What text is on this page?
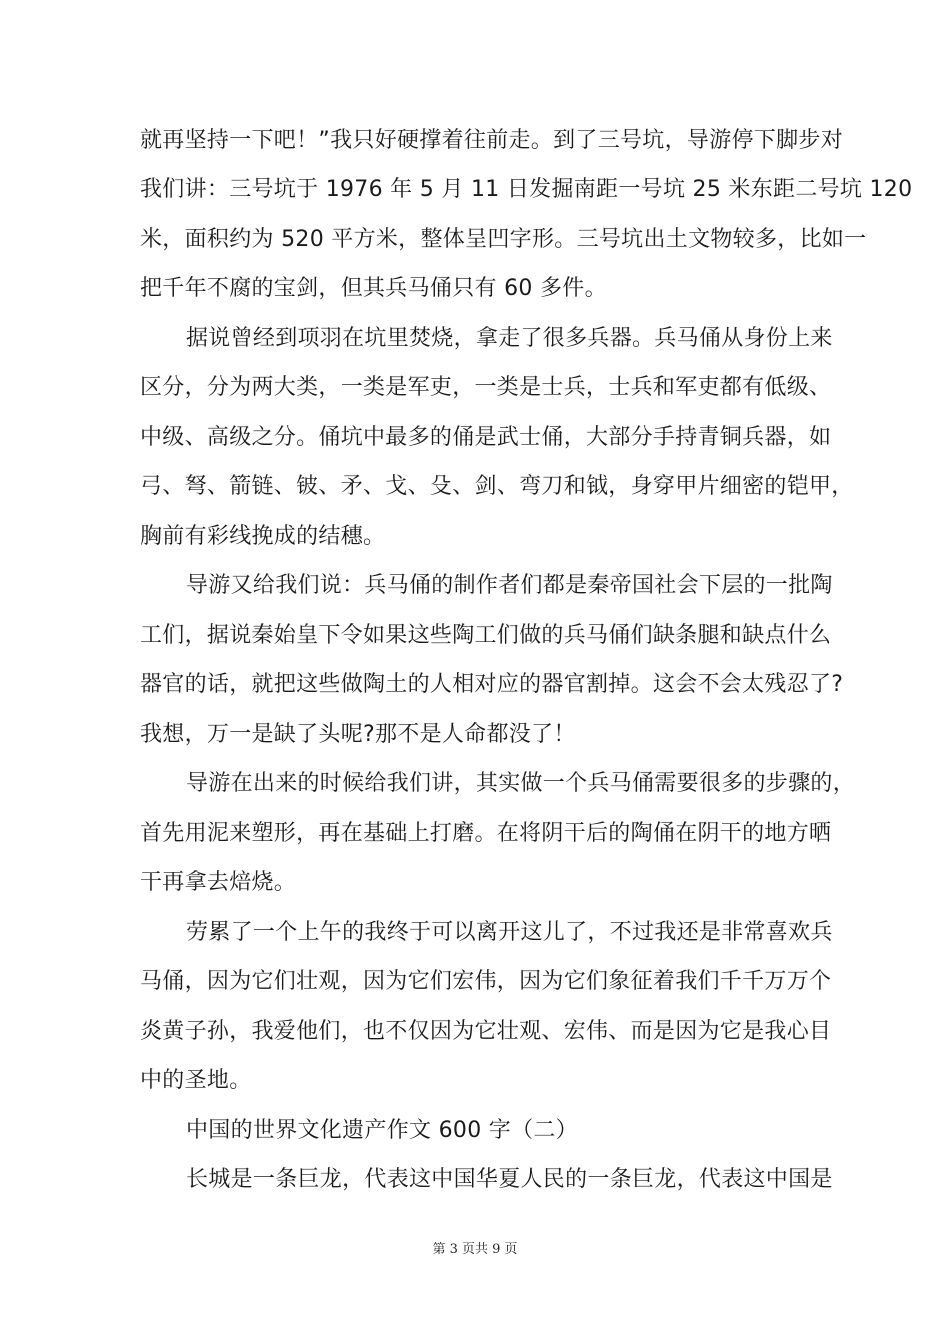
就再坚持一下吧！”我只好硬撑着往前走。到了三号坑，导游停下脚步对
我们讲：三号坑于 1976 年 5 月 11 日发掘南距一号坑 25 米东距二号坑 120
米，面积约为 520 平方米，整体呈凹字形。三号坑出土文物较多，比如一
把千年不腐的宝剑，但其兵马俑只有 60 多件。
据说曾经到项羽在坑里焚烧，拿走了很多兵器。兵马俑从身份上来
区分，分为两大类，一类是军吏，一类是士兵，士兵和军吏都有低级、
中级、高级之分。俑坑中最多的俑是武士俑，大部分手持青铜兵器，如
弓、弩、箭链、铍、矛、戈、殳、剑、弯刀和钺，身穿甲片细密的铠甲，
胸前有彩线挽成的结穗。
导游又给我们说：兵马俑的制作者们都是秦帝国社会下层的一批陶
工们，据说秦始皇下令如果这些陶工们做的兵马俑们缺条腿和缺点什么
器官的话，就把这些做陶土的人相对应的器官割掉。这会不会太残忍了?
我想，万一是缺了头呢?那不是人命都没了！
导游在出来的时候给我们讲，其实做一个兵马俑需要很多的步骤的，
首先用泥来塑形，再在基础上打磨。在将阴干后的陶俑在阴干的地方晒
干再拿去焙烧。
劳累了一个上午的我终于可以离开这儿了，不过我还是非常喜欢兵
马俑，因为它们壮观，因为它们宏伟，因为它们象征着我们千千万万个
炎黄子孙，我爱他们，也不仅因为它壮观、宏伟、而是因为它是我心目
中的圣地。
中国的世界文化遗产作文 600 字（二）
长城是一条巨龙，代表这中国华夏人民的一条巨龙，代表这中国是
第 3 页共 9 页
